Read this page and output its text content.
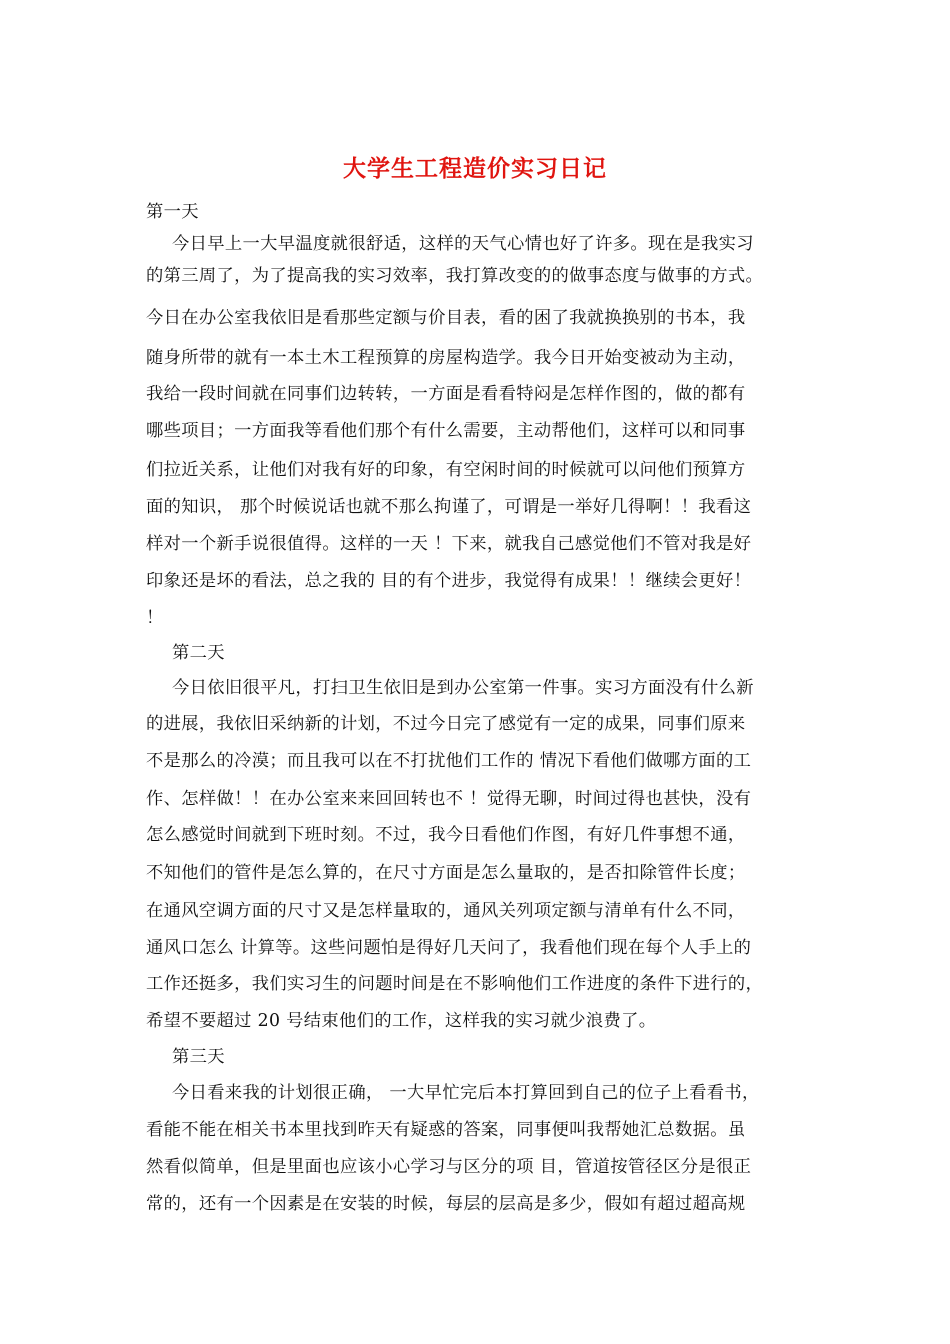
大学生工程造价实习日记
第一天
今日早上一大早温度就很舒适，这样的天气心情也好了许多。现在是我实习
的第三周了，为了提高我的实习效率，我打算改变的的做事态度与做事的方式。
今日在办公室我依旧是看那些定额与价目表，看的困了我就换换别的书本，我
随身所带的就有一本土木工程预算的房屋构造学。我今日开始变被动为主动，
我给一段时间就在同事们边转转，一方面是看看特闷是怎样作图的，做的都有
哪些项目；一方面我等看他们那个有什么需要，主动帮他们，这样可以和同事
们拉近关系，让他们对我有好的印象，有空闲时间的时候就可以问他们预算方
面的知识， 那个时候说话也就不那么拘谨了，可谓是一举好几得啊！！我看这
样对一个新手说很值得。这样的一天 ！下来，就我自己感觉他们不管对我是好
印象还是坏的看法，总之我的 目的有个进步，我觉得有成果！！继续会更好！
！
第二天
今日依旧很平凡，打扫卫生依旧是到办公室第一件事。实习方面没有什么新
的进展，我依旧采纳新的计划，不过今日完了感觉有一定的成果，同事们原来
不是那么的冷漠；而且我可以在不打扰他们工作的 情况下看他们做哪方面的工
作、怎样做！！在办公室来来回回转也不 ！觉得无聊，时间过得也甚快，没有
怎么感觉时间就到下班时刻。不过，我今日看他们作图，有好几件事想不通，
不知他们的管件是怎么算的，在尺寸方面是怎么量取的，是否扣除管件长度；
在通风空调方面的尺寸又是怎样量取的，通风关列项定额与清单有什么不同，
通风口怎么 计算等。这些问题怕是得好几天问了，我看他们现在每个人手上的
工作还挺多，我们实习生的问题时间是在不影响他们工作进度的条件下进行的，
希望不要超过 20 号结束他们的工作，这样我的实习就少浪费了。
第三天
今日看来我的计划很正确， 一大早忙完后本打算回到自己的位子上看看书，
看能不能在相关书本里找到昨天有疑惑的答案，同事便叫我帮她汇总数据。虽
然看似简单，但是里面也应该小心学习与区分的项 目，管道按管径区分是很正
常的，还有一个因素是在安装的时候，每层的层高是多少，假如有超过超高规
